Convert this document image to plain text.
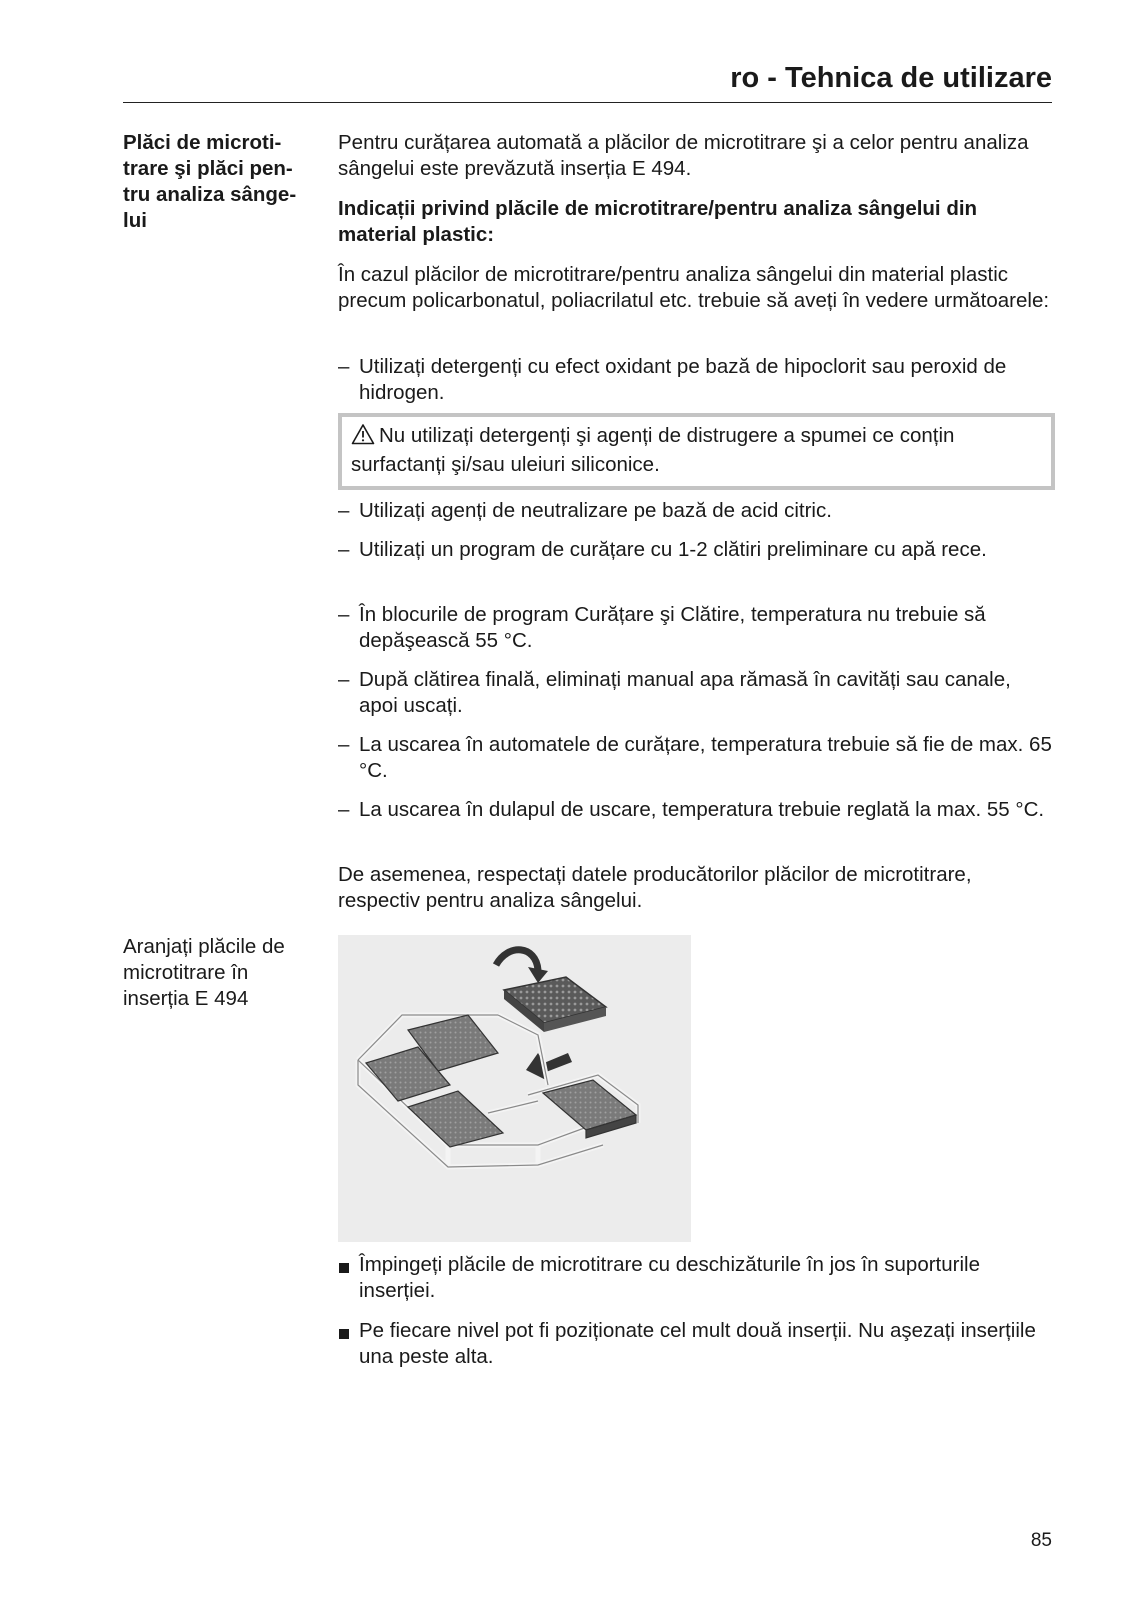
ro - Tehnica de utilizare
Plăci de microti-
trare şi plăci pen-
tru analiza sânge-
lui

Pentru curățarea automată a plăcilor de microtitrare şi a celor pentru analiza sângelui este prevăzută inserția E 494.

Indicații privind plăcile de microtitrare/pentru analiza sângelui din material plastic:

În cazul plăcilor de microtitrare/pentru analiza sângelui din material plastic precum policarbonatul, poliacrilatul etc. trebuie să aveți în vedere următoarele:

– Utilizați detergenți cu efect oxidant pe bază de hipoclorit sau peroxid de hidrogen.

Nu utilizați detergenți şi agenți de distrugere a spumei ce conțin surfactanți şi/sau uleiuri siliconice.

– Utilizați agenți de neutralizare pe bază de acid citric.

– Utilizați un program de curățare cu 1-2 clătiri preliminare cu apă rece.

– În blocurile de program Curățare şi Clătire, temperatura nu trebuie să depăşească 55 °C.

– După clătirea finală, eliminați manual apa rămasă în cavități sau canale, apoi uscați.

– La uscarea în automatele de curățare, temperatura trebuie să fie de max. 65 °C.

– La uscarea în dulapul de uscare, temperatura trebuie reglată la max. 55 °C.

De asemenea, respectați datele producătorilor plăcilor de microtitrare, respectiv pentru analiza sângelui.

Aranjați plăcile de microtitrare în inserția E 494

Împingeți plăcile de microtitrare cu deschizăturile în jos în suporturile inserției.

Pe fiecare nivel pot fi poziționate cel mult două inserții. Nu aşezați inserțiile una peste alta.

85
